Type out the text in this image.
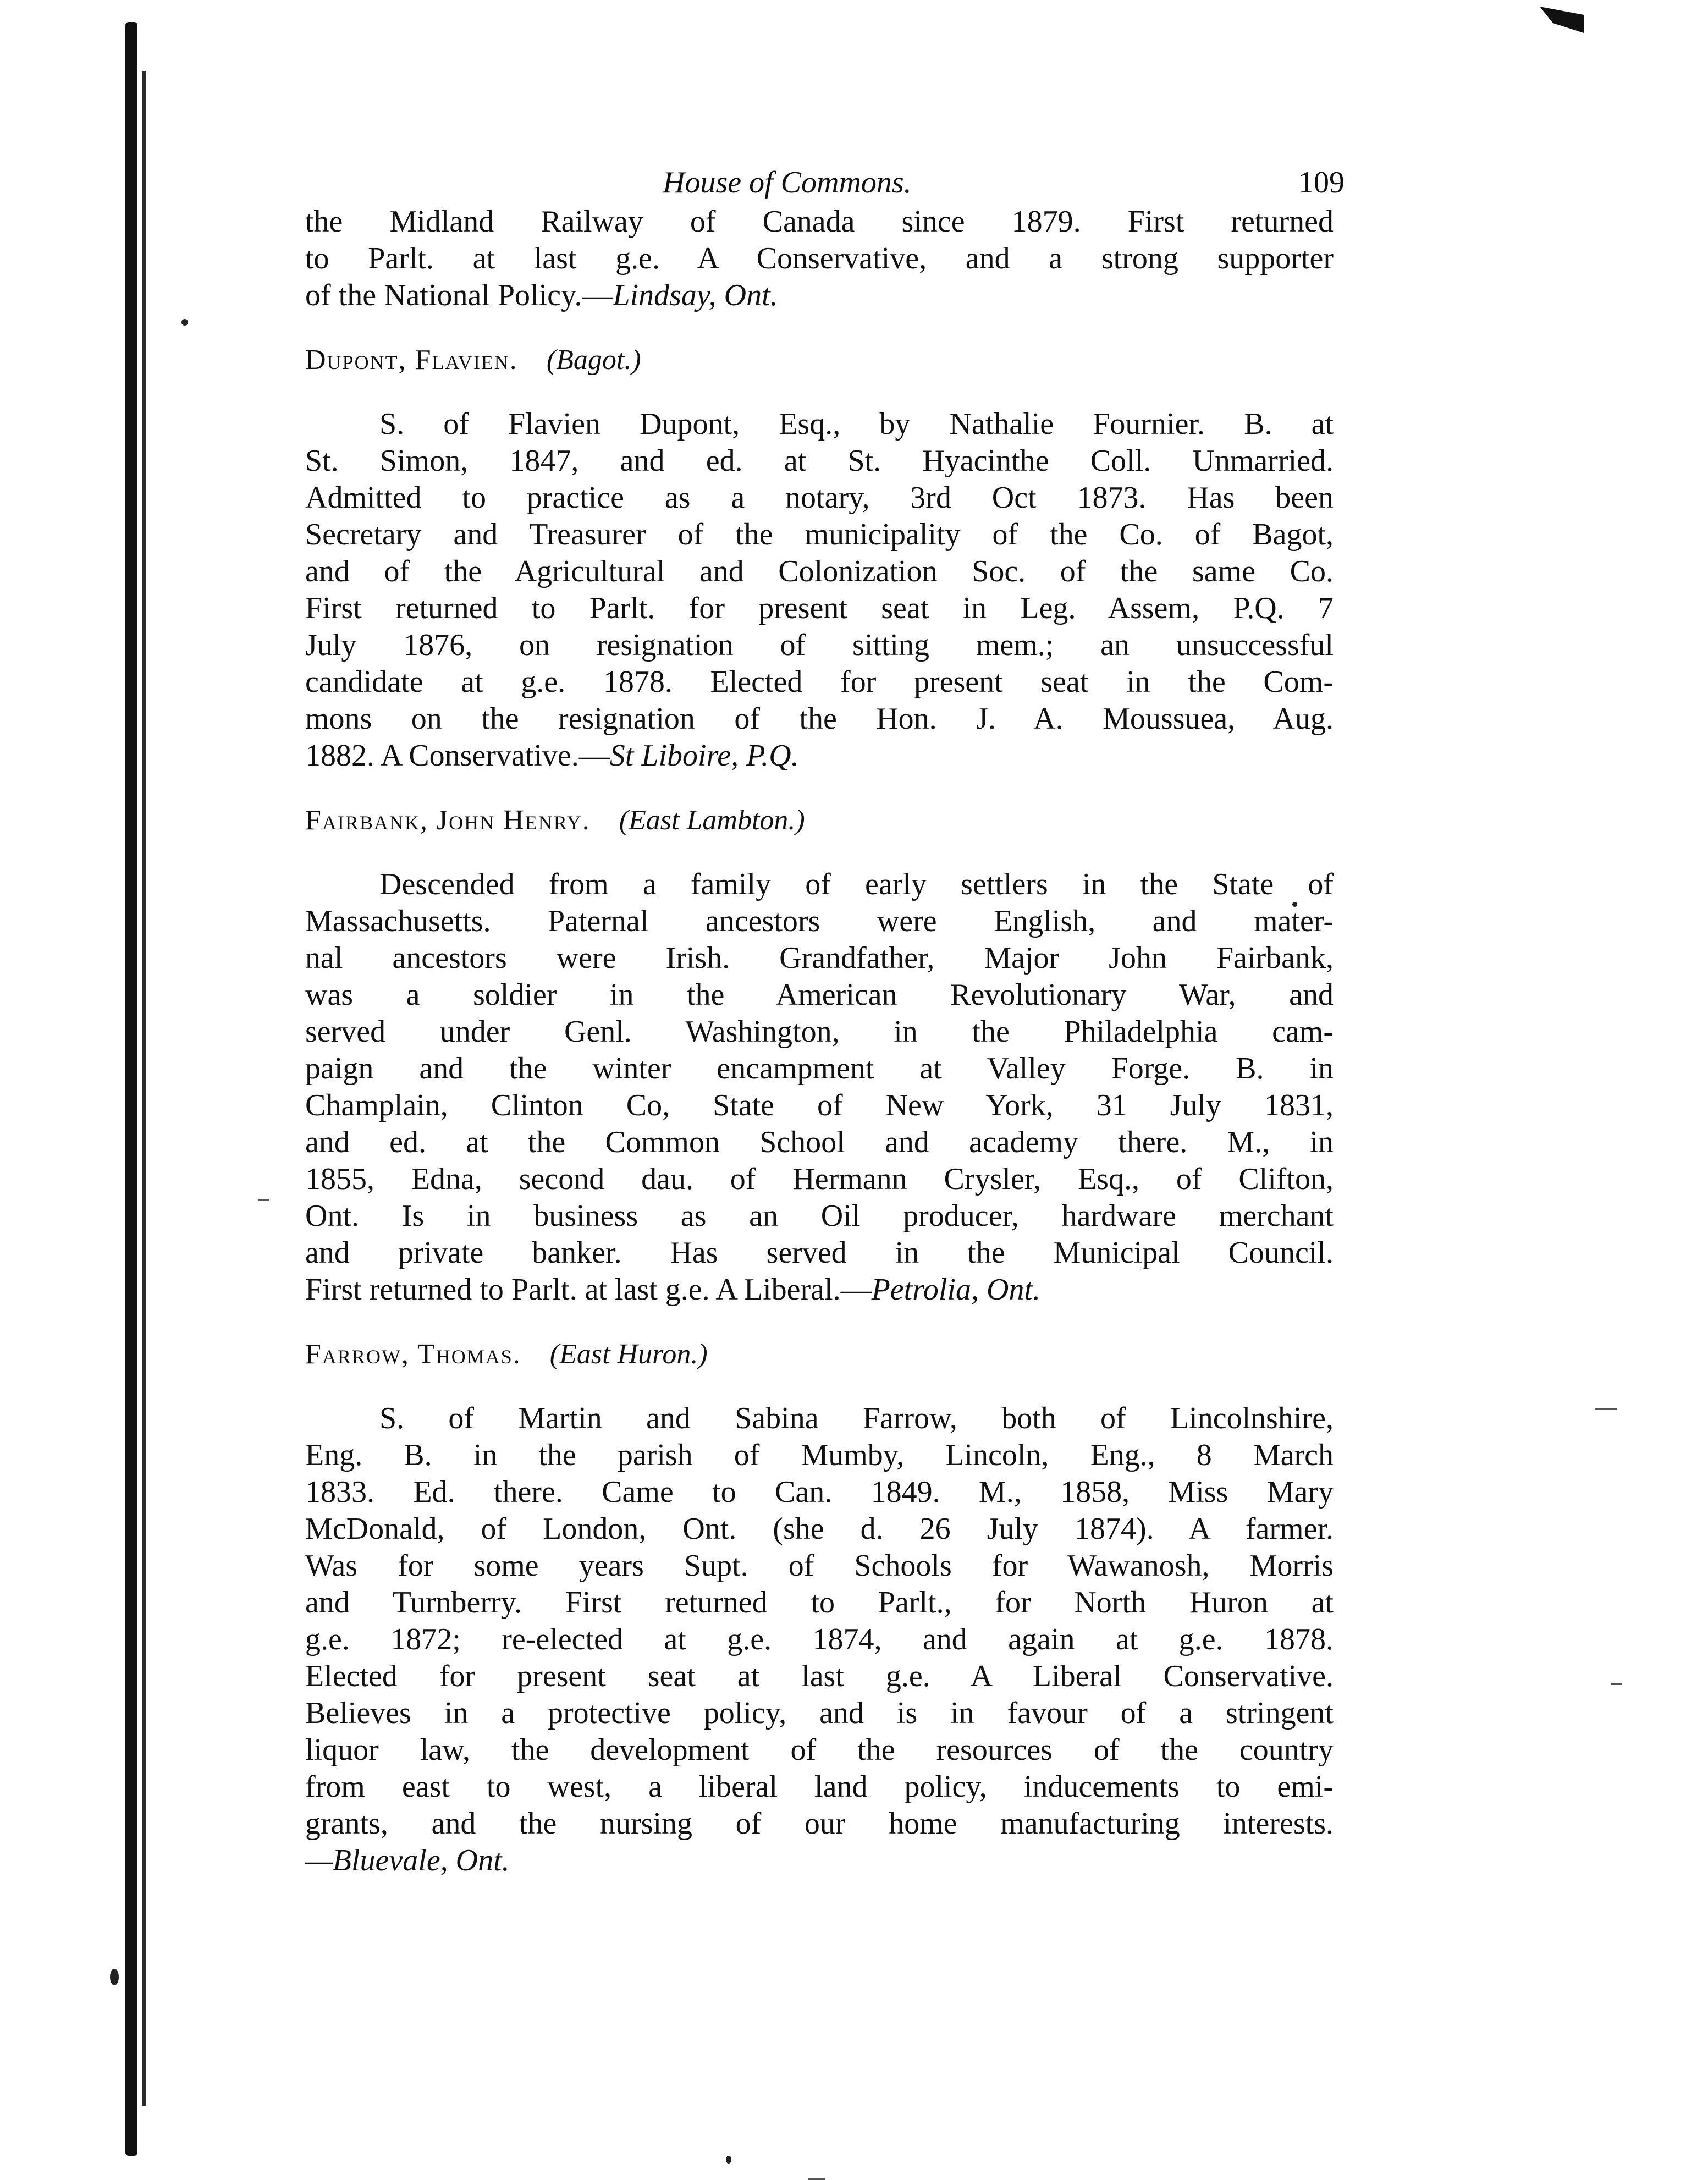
House of Commons.	109
the Midland Railway of Canada since 1879. First returned
to Parlt. at last g.e. A Conservative, and a strong supporter
of the National Policy.—Lindsay, Ont.
Dupont, Flavien. (Bagot.)
S. of Flavien Dupont, Esq., by Nathalie Fournier. B. at
St. Simon, 1847, and ed. at St. Hyacinthe Coll. Unmarried.
Admitted to practice as a notary, 3rd Oct 1873. Has been
Secretary and Treasurer of the municipality of the Co. of Bagot,
and of the Agricultural and Colonization Soc. of the same Co.
First returned to Parlt. for present seat in Leg. Assem, P.Q. 7
July 1876, on resignation of sitting mem.; an unsuccessful
candidate at g.e. 1878. Elected for present seat in the Com-
mons on the resignation of the Hon. J. A. Moussuea, Aug.
1882. A Conservative.—St Liboire, P.Q.
Fairbank, John Henry. (East Lambton.)
Descended from a family of early settlers in the State of
Massachusetts. Paternal ancestors were English, and mater-
nal ancestors were Irish. Grandfather, Major John Fairbank,
was a soldier in the American Revolutionary War, and
served under Genl. Washington, in the Philadelphia cam-
paign and the winter encampment at Valley Forge. B. in
Champlain, Clinton Co, State of New York, 31 July 1831,
and ed. at the Common School and academy there. M., in
1855, Edna, second dau. of Hermann Crysler, Esq., of Clifton,
Ont. Is in business as an Oil producer, hardware merchant
and private banker. Has served in the Municipal Council.
First returned to Parlt. at last g.e. A Liberal.—Petrolia, Ont.
Farrow, Thomas. (East Huron.)
S. of Martin and Sabina Farrow, both of Lincolnshire,
Eng. B. in the parish of Mumby, Lincoln, Eng., 8 March
1833. Ed. there. Came to Can. 1849. M., 1858, Miss Mary
McDonald, of London, Ont. (she d. 26 July 1874). A farmer.
Was for some years Supt. of Schools for Wawanosh, Morris
and Turnberry. First returned to Parlt., for North Huron at
g.e. 1872; re-elected at g.e. 1874, and again at g.e. 1878.
Elected for present seat at last g.e. A Liberal Conservative.
Believes in a protective policy, and is in favour of a stringent
liquor law, the development of the resources of the country
from east to west, a liberal land policy, inducements to emi-
grants, and the nursing of our home manufacturing interests.
—Bluevale, Ont.
